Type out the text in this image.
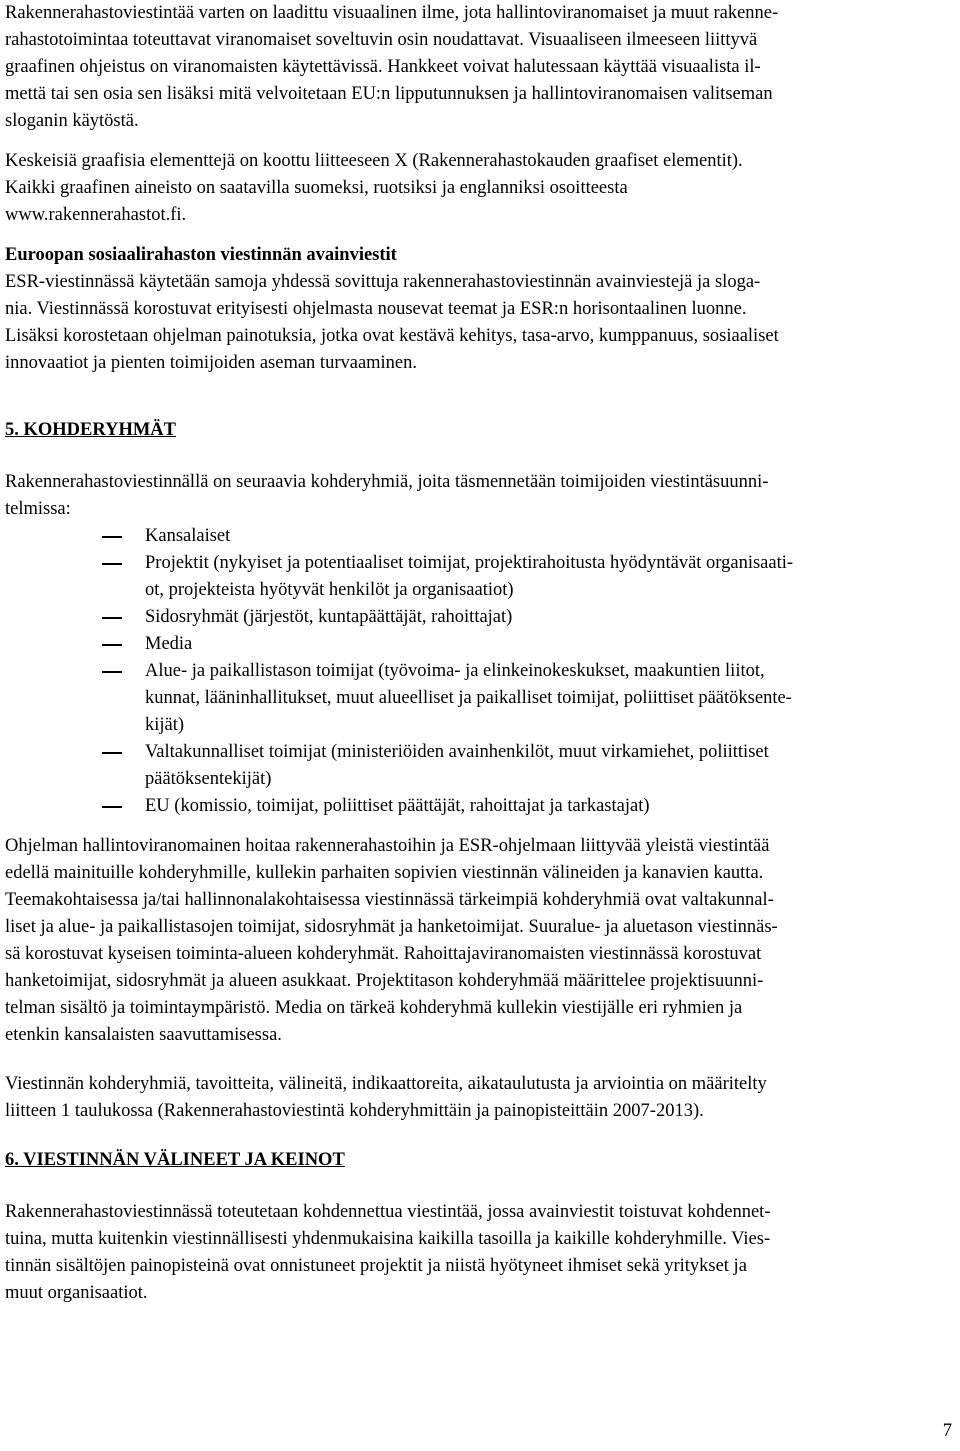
Rakennerahastoviestintää varten on laadittu visuaalinen ilme, jota hallintoviranomaiset ja muut rakenne-
rahastotoimintaa toteuttavat viranomaiset soveltuvin osin noudattavat. Visuaaliseen ilmeeseen liittyvä
graafinen ohjeistus on viranomaisten käytettävissä. Hankkeet voivat halutessaan käyttää visuaalista il-
mettä tai sen osia sen lisäksi mitä velvoitetaan EU:n lipputunnuksen ja hallintoviranomaisen valitseman
sloganin käytöstä.
Keskeisiä graafisia elementtejä on koottu liitteeseen X (Rakennerahastokauden graafiset elementit).
Kaikki graafinen aineisto on saatavilla suomeksi, ruotsiksi ja englanniksi osoitteesta
www.rakennerahastot.fi.
Euroopan sosiaalirahaston viestinnän avainviestit
ESR-viestinnässä käytetään samoja yhdessä sovittuja rakennerahastoviestinnän avainviestejä ja sloga-
nia. Viestinnässä korostuvat erityisesti ohjelmasta nousevat teemat ja ESR:n horisontaalinen luonne.
Lisäksi korostetaan ohjelman painotuksia, jotka ovat kestävä kehitys, tasa-arvo, kumppanuus, sosiaaliset
innovaatiot ja pienten toimijoiden aseman turvaaminen.
5. KOHDERYHMÄT
Rakennerahastoviestinnällä on seuraavia kohderyhmiä, joita täsmennetään toimijoiden viestintäsuunni-
telmissa:
Kansalaiset
Projektit (nykyiset ja potentiaaliset toimijat, projektirahoitusta hyödyntävät organisaati-
ot, projekteista hyötyvät henkilöt ja organisaatiot)
Sidosryhmät (järjestöt, kuntapäättäjät, rahoittajat)
Media
Alue- ja paikallistason toimijat (työvoima- ja elinkeinokeskukset, maakuntien liitot,
kunnat, lääninhallitukset, muut alueelliset ja paikalliset toimijat, poliittiset päätöksente-
kijät)
Valtakunnalliset toimijat (ministeriöiden avainhenkilöt, muut virkamiehet, poliittiset
päätöksentekijät)
EU (komissio, toimijat, poliittiset päättäjät, rahoittajat ja tarkastajat)
Ohjelman hallintoviranomainen hoitaa rakennerahastoihin ja ESR-ohjelmaan liittyvää yleistä viestintää
edellä mainituille kohderyhmille, kullekin parhaiten sopivien viestinnän välineiden ja kanavien kautta.
Teemakohtaisessa ja/tai hallinnonalakohtaisessa viestinnässä tärkeimpiä kohderyhmiä ovat valtakunnal-
liset ja alue- ja paikallistasojen toimijat, sidosryhmät ja hanketoimijat. Suuralue- ja aluetason viestinnäs-
sä korostuvat kyseisen toiminta-alueen kohderyhmät. Rahoittajaviranomaisten viestinnässä korostuvat
hanketoimijat, sidosryhmät ja alueen asukkaat. Projektitason kohderyhmää määrittelee projektisuunni-
telman sisältö ja toimintaympäristö. Media on tärkeä kohderyhmä kullekin viestijälle eri ryhmien ja
etenkin kansalaisten saavuttamisessa.
Viestinnän kohderyhmiä, tavoitteita, välineitä, indikaattoreita, aikataulutusta ja arviointia on määritelty
liitteen 1 taulukossa (Rakennerahastoviestintä kohderyhmittäin ja painopisteittäin 2007-2013).
6. VIESTINNÄN VÄLINEET JA KEINOT
Rakennerahastoviestinnässä toteutetaan kohdennettua viestintää, jossa avainviestit toistuvat kohdennet-
tuina, mutta kuitenkin viestinnällisesti yhdenmukaisina kaikilla tasoilla ja kaikille kohderyhmille. Vies-
tinnän sisältöjen painopisteinä ovat onnistuneet projektit ja niistä hyötyneet ihmiset sekä yritykset ja
muut organisaatiot.
7
